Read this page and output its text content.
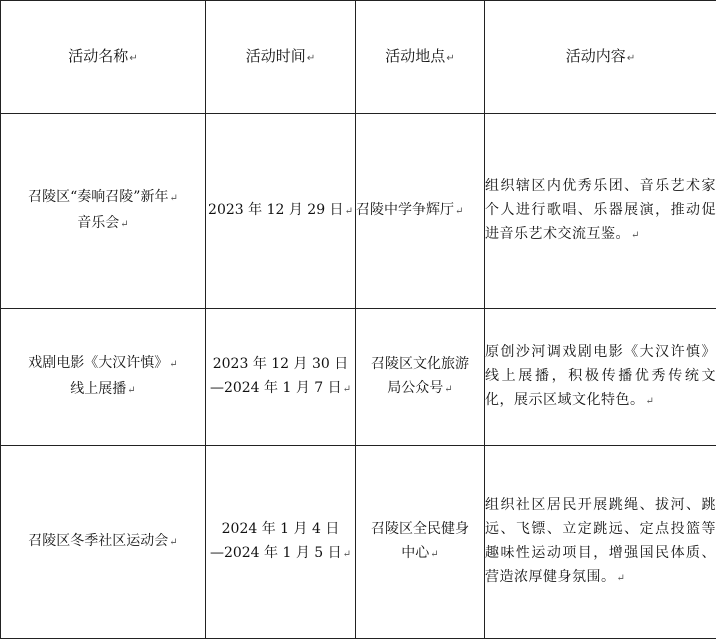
活动名称↵	活动时间↵	活动地点↵	活动内容↵

召陵区“奏响召陵”新年↵
音乐会↵	2023 年 12 月 29 日↵	召陵中学争辉厅↵	组织辖区内优秀乐团、音乐艺术家个人进行歌唱、乐器展演，推动促进音乐艺术交流互鉴。↵

戏剧电影《大汉许慎》↵
线上展播↵	2023 年 12 月 30 日
—2024 年 1 月 7 日↵	召陵区文化旅游
局公众号↵	原创沙河调戏剧电影《大汉许慎》线上展播，积极传播优秀传统文化，展示区域文化特色。↵

召陵区冬季社区运动会↵	2024 年 1 月 4 日
—2024 年 1 月 5 日↵	召陵区全民健身
中心↵	组织社区居民开展跳绳、拔河、跳远、飞镖、立定跳远、定点投篮等趣味性运动项目，增强国民体质、营造浓厚健身氛围。↵
